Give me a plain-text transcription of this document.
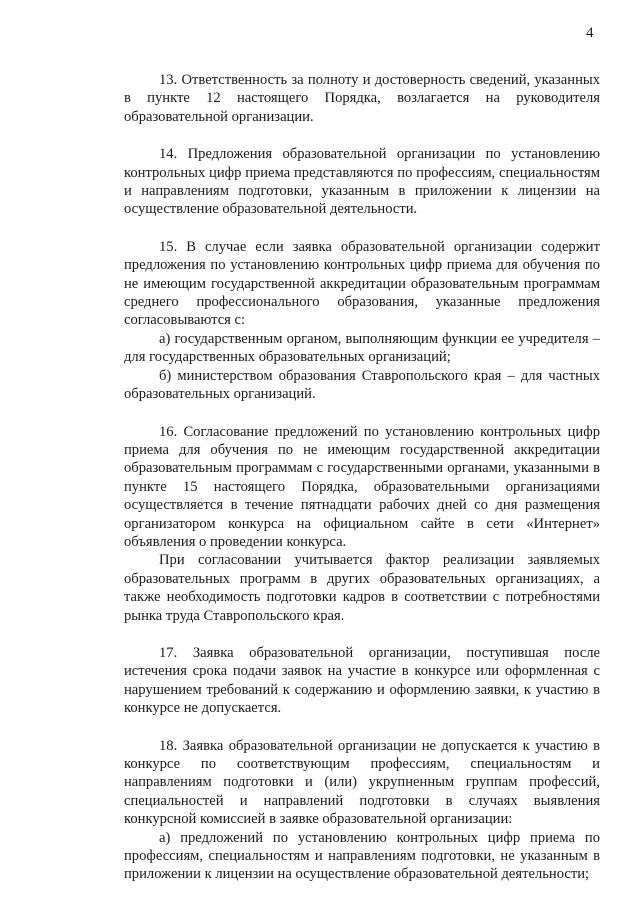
4

13. Ответственность за полноту и достоверность сведений, указанных в пункте 12 настоящего Порядка, возлагается на руководителя образовательной организации.

14. Предложения образовательной организации по установлению контрольных цифр приема представляются по профессиям, специальностям и направлениям подготовки, указанным в приложении к лицензии на осуществление образовательной деятельности.

15. В случае если заявка образовательной организации содержит предложения по установлению контрольных цифр приема для обучения по не имеющим государственной аккредитации образовательным программам среднего профессионального образования, указанные предложения согласовываются с:

а) государственным органом, выполняющим функции ее учредителя – для государственных образовательных организаций;

б) министерством образования Ставропольского края – для частных образовательных организаций.

16. Согласование предложений по установлению контрольных цифр приема для обучения по не имеющим государственной аккредитации образовательным программам с государственными органами, указанными в пункте 15 настоящего Порядка, образовательными организациями осуществляется в течение пятнадцати рабочих дней со дня размещения организатором конкурса на официальном сайте в сети «Интернет» объявления о проведении конкурса.

При согласовании учитывается фактор реализации заявляемых образовательных программ в других образовательных организациях, а также необходимость подготовки кадров в соответствии с потребностями рынка труда Ставропольского края.

17. Заявка образовательной организации, поступившая после истечения срока подачи заявок на участие в конкурсе или оформленная с нарушением требований к содержанию и оформлению заявки, к участию в конкурсе не допускается.

18. Заявка образовательной организации не допускается к участию в конкурсе по соответствующим профессиям, специальностям и направлениям подготовки и (или) укрупненным группам профессий, специальностей и направлений подготовки в случаях выявления конкурсной комиссией в заявке образовательной организации:

а) предложений по установлению контрольных цифр приема по профессиям, специальностям и направлениям подготовки, не указанным в приложении к лицензии на осуществление образовательной деятельности;
